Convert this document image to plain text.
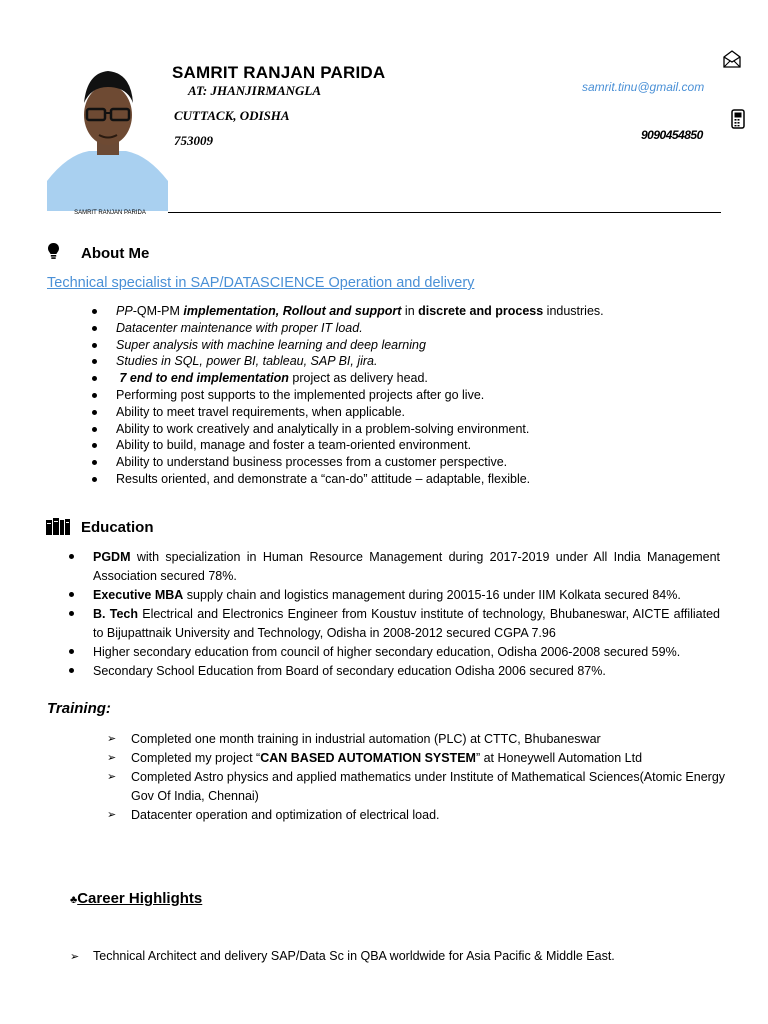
SAMRIT RANJAN PARIDA
SAMRIT RANJAN PARIDA
AT: JHANJIRMANGLA
CUTTACK, ODISHA
753009
samrit.tinu@gmail.com
9090454850
About Me
Technical specialist in SAP/DATASCIENCE Operation and delivery
PP-QM-PM implementation, Rollout and support in discrete and process industries.
Datacenter maintenance with proper IT load.
Super analysis with machine learning and deep learning
Studies in SQL, power BI, tableau, SAP BI, jira.
7 end to end implementation project as delivery head.
Performing post supports to the implemented projects after go live.
Ability to meet travel requirements, when applicable.
Ability to work creatively and analytically in a problem-solving environment.
Ability to build, manage and foster a team-oriented environment.
Ability to understand business processes from a customer perspective.
Results oriented, and demonstrate a “can-do” attitude – adaptable, flexible.
Education
PGDM with specialization in Human Resource Management during 2017-2019 under All India Management Association secured 78%.
Executive MBA supply chain and logistics management during 20015-16 under IIM Kolkata secured 84%.
B. Tech Electrical and Electronics Engineer from Koustuv institute of technology, Bhubaneswar, AICTE affiliated to Bijupattnaik University and Technology, Odisha in 2008-2012 secured CGPA 7.96
Higher secondary education from council of higher secondary education, Odisha 2006-2008 secured 59%.
Secondary School Education from Board of secondary education Odisha 2006 secured 87%.
Training:
➢ Completed one month training in industrial automation (PLC) at CTTC, Bhubaneswar
➢ Completed my project “CAN BASED AUTOMATION SYSTEM” at Honeywell Automation Ltd
➢ Completed Astro physics and applied mathematics under Institute of Mathematical Sciences(Atomic Energy Gov Of India, Chennai)
➢ Datacenter operation and optimization of electrical load.
♣Career Highlights
➢ Technical Architect and delivery SAP/Data Sc in QBA worldwide for Asia Pacific & Middle East.
